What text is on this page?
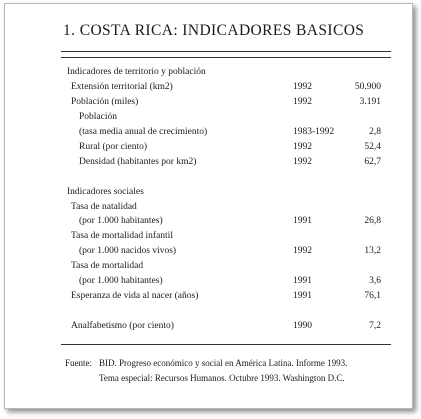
1. COSTA RICA: INDICADORES BASICOS
Indicadores de territorio y población
Extensión territorial (km2)	1992	50.900
Población (miles)	1992	3.191
Población
(tasa media anual de crecimiento)	1983-1992	2,8
Rural (por ciento)	1992	52,4
Densidad (habitantes por km2)	1992	62,7
Indicadores sociales
Tasa de natalidad
(por 1.000 habitantes)	1991	26,8
Tasa de mortalidad infantil
(por 1.000 nacidos vivos)	1992	13,2
Tasa de mortalidad
(por 1.000 habitantes)	1991	3,6
Esperanza de vida al nacer (años)	1991	76,1
Analfabetismo (por ciento)	1990	7,2
Fuente: BID. Progreso económico y social en América Latina. Informe 1993.
Tema especial: Recursos Humanos. Octubre 1993. Washington D.C.
